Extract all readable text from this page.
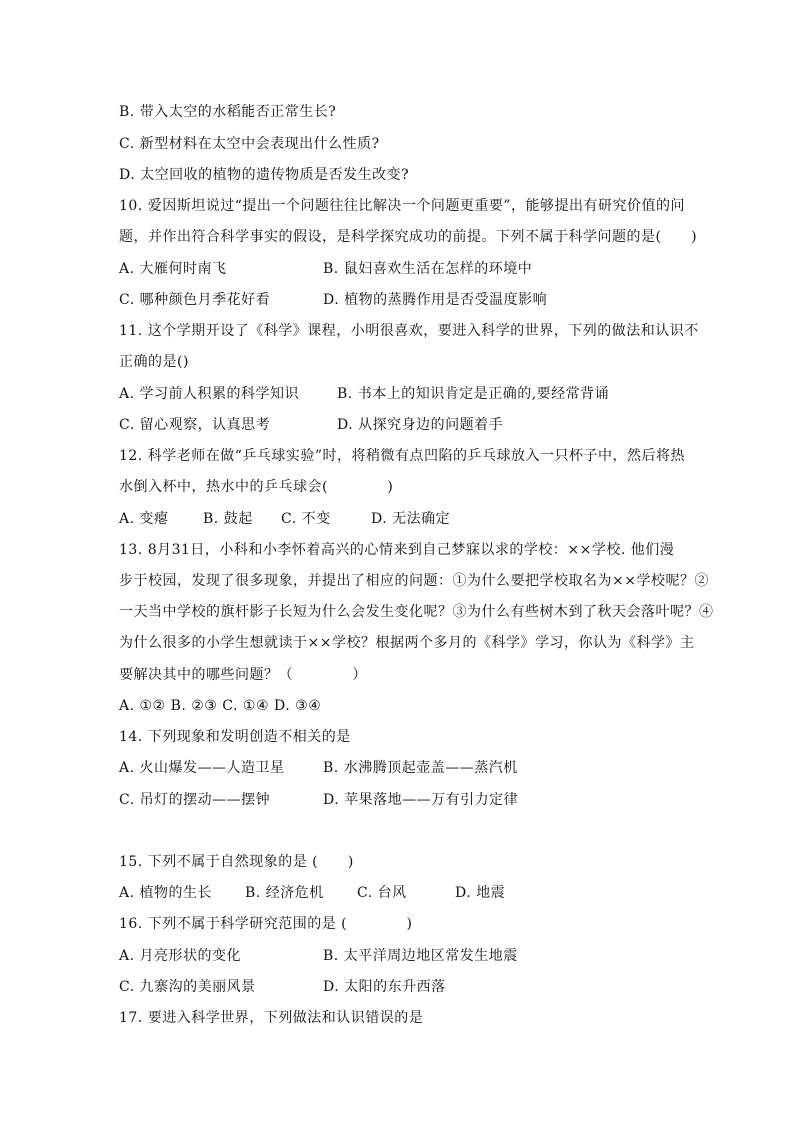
B. 带入太空的水稻能否正常生长?
C. 新型材料在太空中会表现出什么性质?
D. 太空回收的植物的遗传物质是否发生改变?
10. 爱因斯坦说过“提出一个问题往往比解决一个问题更重要”，能够提出有研究价值的问
题，并作出符合科学事实的假设，是科学探究成功的前提。下列不属于科学问题的是(      )
A. 大雁何时南飞	B. 鼠妇喜欢生活在怎样的环境中
C. 哪种颜色月季花好看	D. 植物的蒸腾作用是否受温度影响
11. 这个学期开设了《科学》课程，小明很喜欢，要进入科学的世界，下列的做法和认识不
正确的是()
A. 学习前人积累的科学知识	B. 书本上的知识肯定是正确的,要经常背诵
C. 留心观察，认真思考	D. 从探究身边的问题着手
12. 科学老师在做“乒乓球实验”时，将稍微有点凹陷的乒乓球放入一只杯子中，然后将热
水倒入杯中，热水中的乒乓球会(            )
A. 变瘪 B. 鼓起 C. 不变	D. 无法确定
13. 8月31日，小科和小李怀着高兴的心情来到自己梦寐以求的学校：××学校. 他们漫
步于校园，发现了很多现象，并提出了相应的问题：①为什么要把学校取名为××学校呢？②
一天当中学校的旗杆影子长短为什么会发生变化呢？③为什么有些树木到了秋天会落叶呢？④
为什么很多的小学生想就读于××学校？根据两个多月的《科学》学习，你认为《科学》主
要解决其中的哪些问题？（            ）
A. ①② B. ②③ C. ①④ D. ③④
14. 下列现象和发明创造不相关的是
A. 火山爆发——人造卫星	B. 水沸腾顶起壶盖——蒸汽机
C. 吊灯的摆动——摆钟	D. 苹果落地——万有引力定律
15. 下列不属于自然现象的是 (      )
A. 植物的生长 B. 经济危机 C. 台风	D. 地震
16. 下列不属于科学研究范围的是 (            )
A. 月亮形状的变化	B. 太平洋周边地区常发生地震
C. 九寨沟的美丽风景	D. 太阳的东升西落
17. 要进入科学世界，下列做法和认识错误的是
